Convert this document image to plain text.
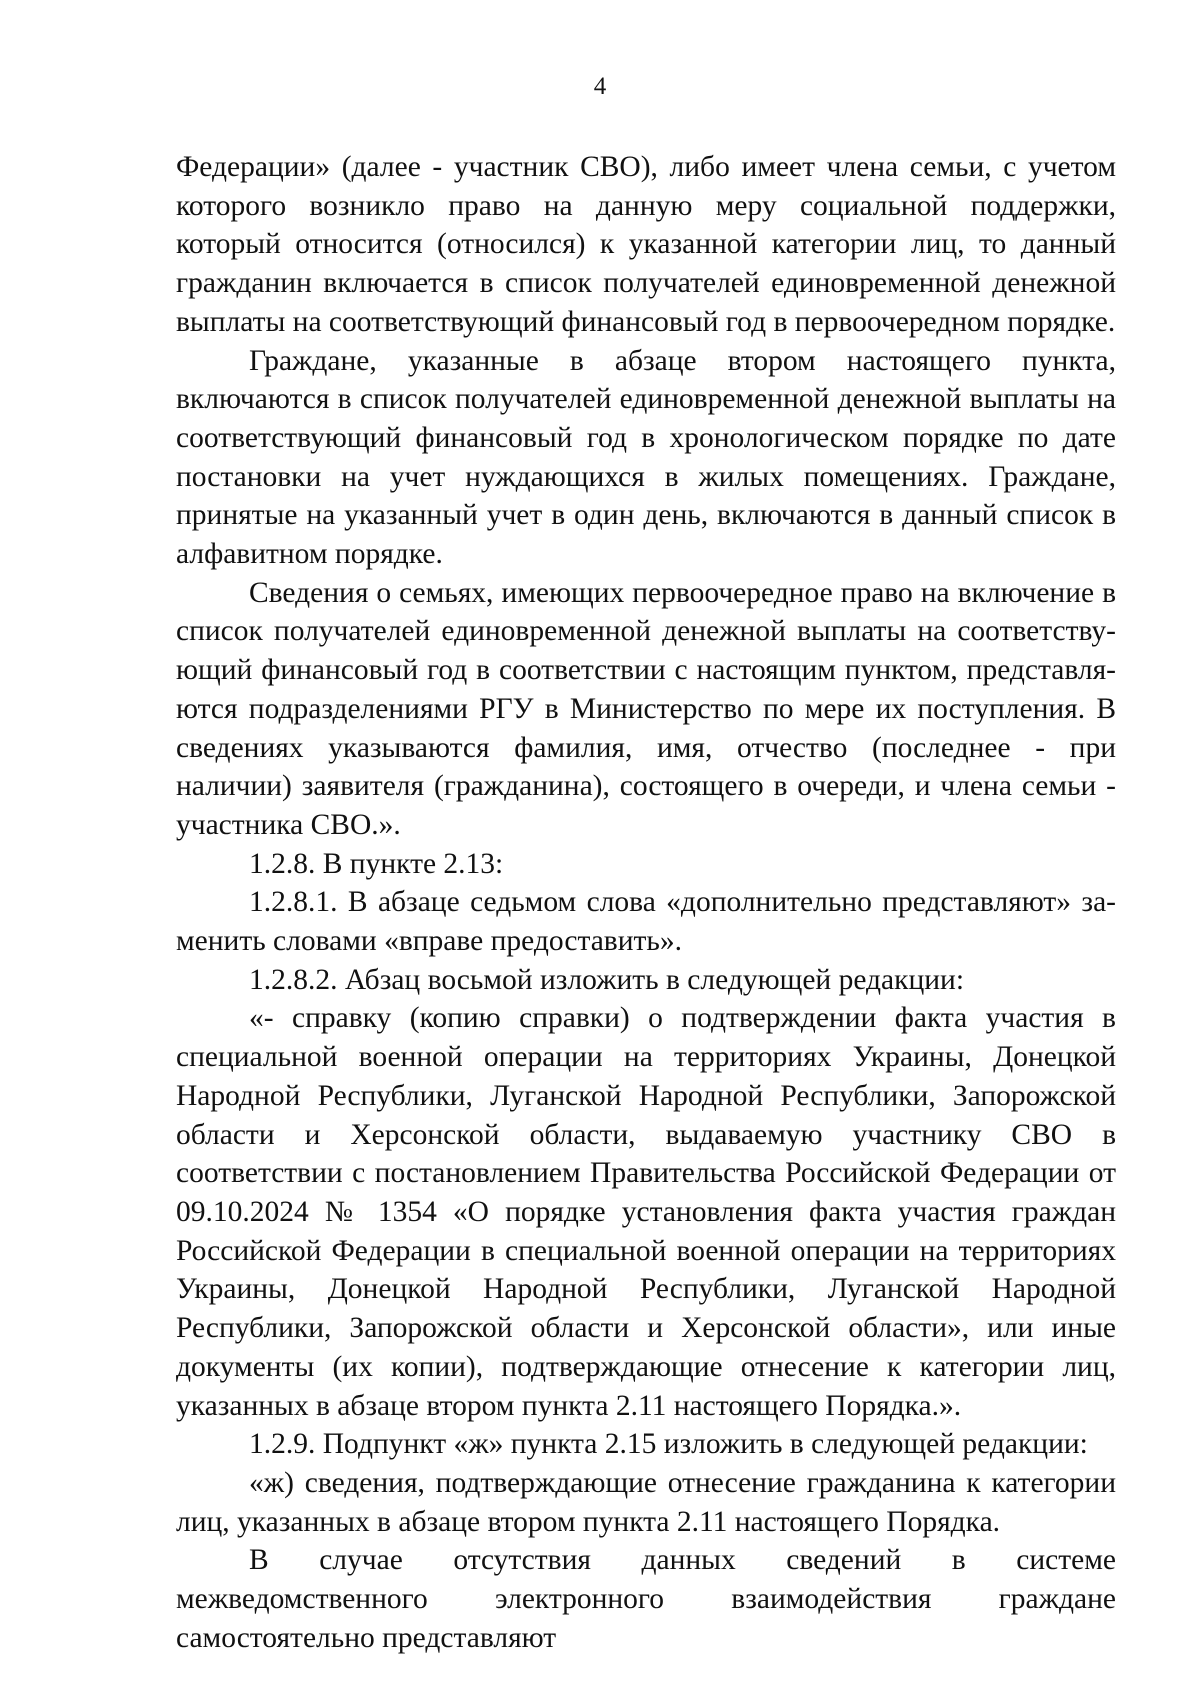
4

Федерации» (далее - участник СВО), либо имеет члена семьи, с учетом которого возникло право на данную меру социальной поддержки, который относится (относился) к указанной категории лиц, то данный гражданин включается в список получателей единовременной денежной выплаты на соответствующий финансовый год в первоочередном порядке.

Граждане, указанные в абзаце втором настоящего пункта, включаются в список получателей единовременной денежной выплаты на соответствующий финансовый год в хронологическом порядке по дате постановки на учет нуждающихся в жилых помещениях. Граждане, принятые на указанный учет в один день, включаются в данный список в алфавитном порядке.

Сведения о семьях, имеющих первоочередное право на включение в список получателей единовременной денежной выплаты на соответствующий финансовый год в соответствии с настоящим пунктом, представляются подразделениями РГУ в Министерство по мере их поступления. В сведениях указываются фамилия, имя, отчество (последнее - при наличии) заявителя (гражданина), состоящего в очереди, и члена семьи - участника СВО.».

1.2.8. В пункте 2.13:

1.2.8.1. В абзаце седьмом слова «дополнительно представляют» заменить словами «вправе предоставить».

1.2.8.2. Абзац восьмой изложить в следующей редакции:

«- справку (копию справки) о подтверждении факта участия в специальной военной операции на территориях Украины, Донецкой Народной Республики, Луганской Народной Республики, Запорожской области и Херсонской области, выдаваемую участнику СВО в соответствии с постановлением Правительства Российской Федерации от 09.10.2024 № 1354 «О порядке установления факта участия граждан Российской Федерации в специальной военной операции на территориях Украины, Донецкой Народной Республики, Луганской Народной Республики, Запорожской области и Херсонской области», или иные документы (их копии), подтверждающие отнесение к категории лиц, указанных в абзаце втором пункта 2.11 настоящего Порядка.».

1.2.9. Подпункт «ж» пункта 2.15 изложить в следующей редакции:

«ж) сведения, подтверждающие отнесение гражданина к категории лиц, указанных в абзаце втором пункта 2.11 настоящего Порядка.

В случае отсутствия данных сведений в системе межведомственного электронного взаимодействия граждане самостоятельно представляют
